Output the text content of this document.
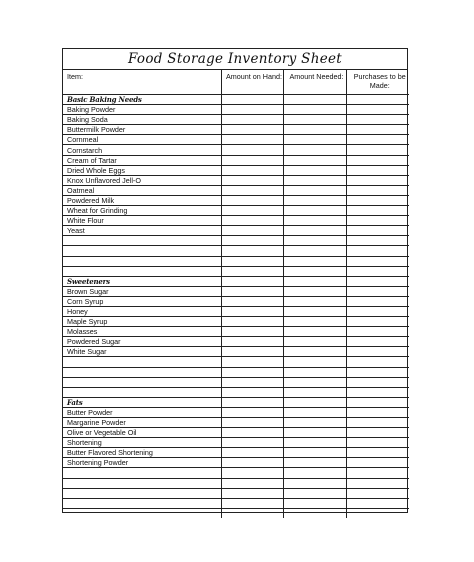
Food Storage Inventory Sheet
Item:	Amount on Hand:	Amount Needed:	Purchases to be Made:
Basic Baking Needs			
Baking Powder			
Baking Soda			
Buttermilk Powder			
Cornmeal			
Cornstarch			
Cream of Tartar			
Dried Whole Eggs			
Knox Unflavored Jell-O			
Oatmeal			
Powdered Milk			
Wheat for Grinding			
White Flour			
Yeast			

Sweeteners			
Brown Sugar			
Corn Syrup			
Honey			
Maple Syrup			
Molasses			
Powdered Sugar			
White Sugar			

Fats			
Butter Powder			
Margarine Powder			
Olive or Vegetable Oil			
Shortening			
Butter Flavored Shortening			
Shortening Powder			
